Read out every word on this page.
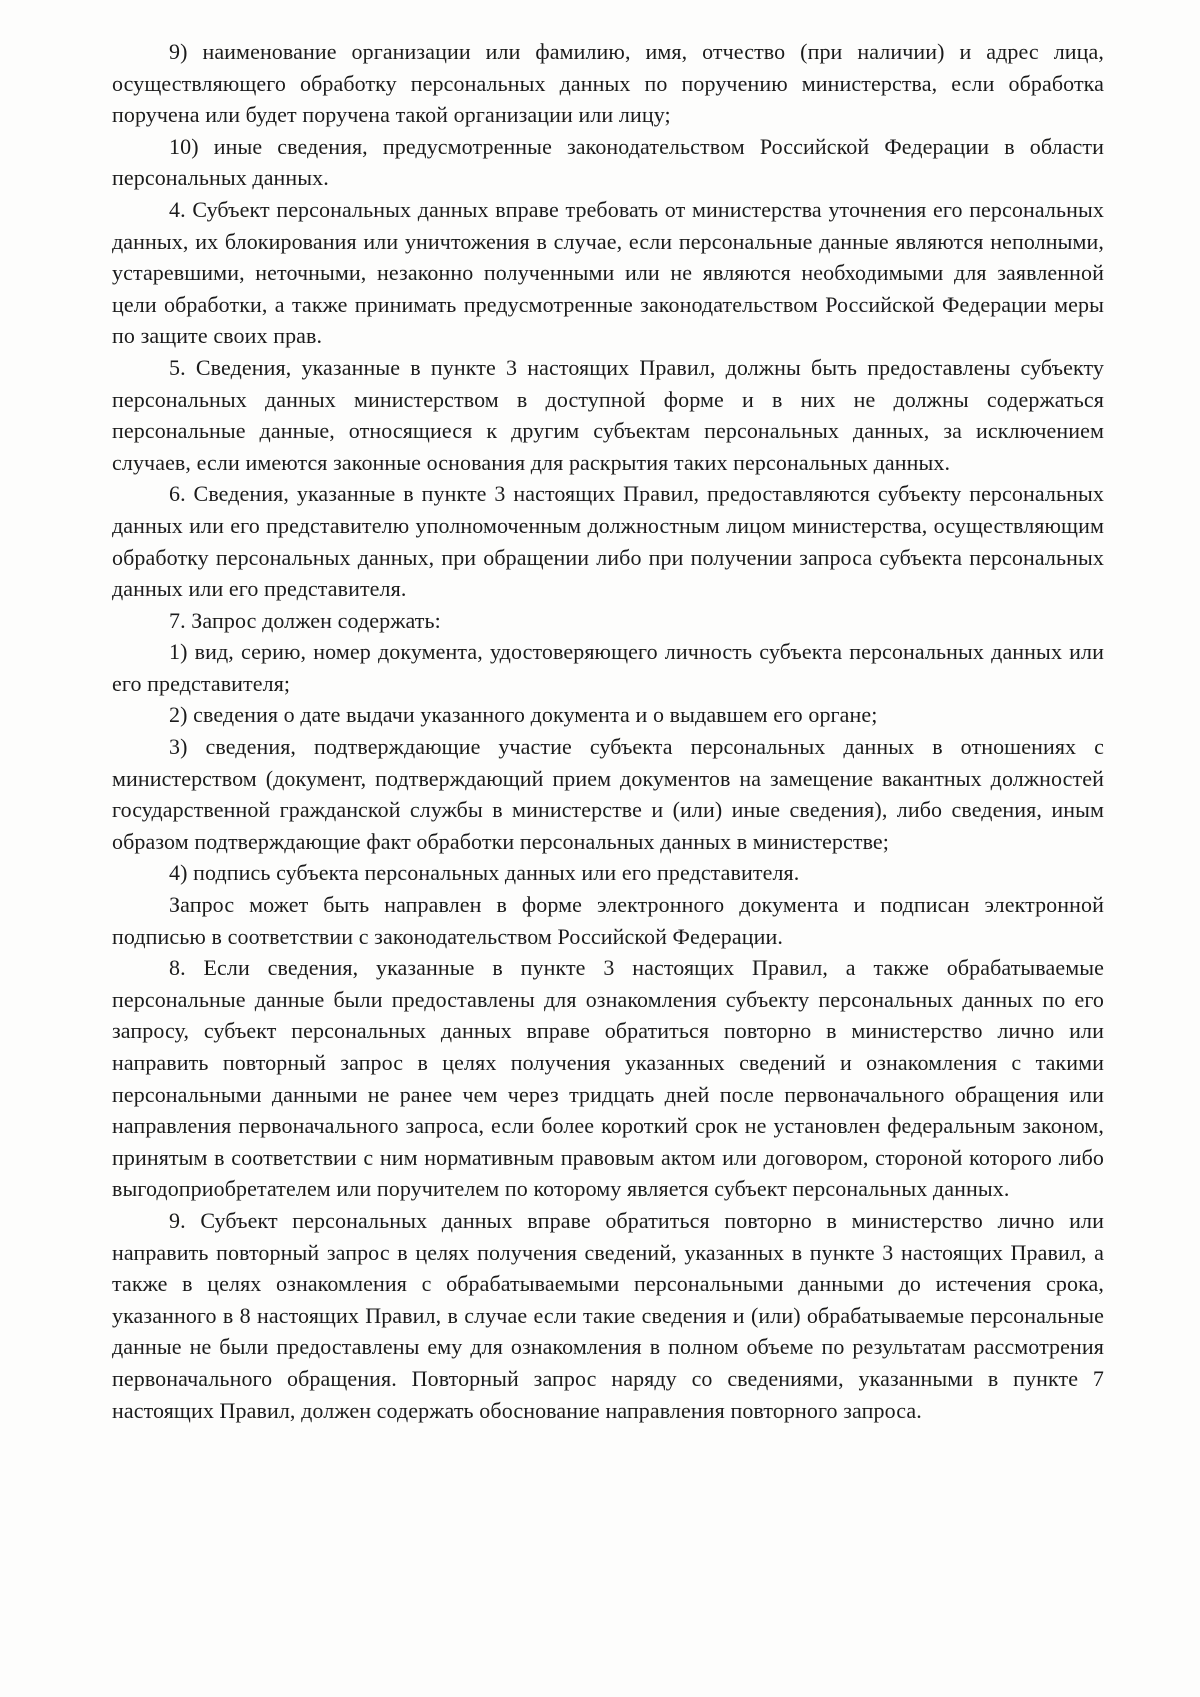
9) наименование организации или фамилию, имя, отчество (при наличии) и адрес лица, осуществляющего обработку персональных данных по поручению министерства, если обработка поручена или будет поручена такой организации или лицу;

10) иные сведения, предусмотренные законодательством Российской Федерации в области персональных данных.

4. Субъект персональных данных вправе требовать от министерства уточнения его персональных данных, их блокирования или уничтожения в случае, если персональные данные являются неполными, устаревшими, неточными, незаконно полученными или не являются необходимыми для заявленной цели обработки, а также принимать предусмотренные законодательством Российской Федерации меры по защите своих прав.

5. Сведения, указанные в пункте 3 настоящих Правил, должны быть предоставлены субъекту персональных данных министерством в доступной форме и в них не должны содержаться персональные данные, относящиеся к другим субъектам персональных данных, за исключением случаев, если имеются законные основания для раскрытия таких персональных данных.

6. Сведения, указанные в пункте 3 настоящих Правил, предоставляются субъекту персональных данных или его представителю уполномоченным должностным лицом министерства, осуществляющим обработку персональных данных, при обращении либо при получении запроса субъекта персональных данных или его представителя.

7. Запрос должен содержать:

1) вид, серию, номер документа, удостоверяющего личность субъекта персональных данных или его представителя;

2) сведения о дате выдачи указанного документа и о выдавшем его органе;

3) сведения, подтверждающие участие субъекта персональных данных в отношениях с министерством (документ, подтверждающий прием документов на замещение вакантных должностей государственной гражданской службы в министерстве и (или) иные сведения), либо сведения, иным образом подтверждающие факт обработки персональных данных в министерстве;

4) подпись субъекта персональных данных или его представителя.

Запрос может быть направлен в форме электронного документа и подписан электронной подписью в соответствии с законодательством Российской Федерации.

8. Если сведения, указанные в пункте 3 настоящих Правил, а также обрабатываемые персональные данные были предоставлены для ознакомления субъекту персональных данных по его запросу, субъект персональных данных вправе обратиться повторно в министерство лично или направить повторный запрос в целях получения указанных сведений и ознакомления с такими персональными данными не ранее чем через тридцать дней после первоначального обращения или направления первоначального запроса, если более короткий срок не установлен федеральным законом, принятым в соответствии с ним нормативным правовым актом или договором, стороной которого либо выгодоприобретателем или поручителем по которому является субъект персональных данных.

9. Субъект персональных данных вправе обратиться повторно в министерство лично или направить повторный запрос в целях получения сведений, указанных в пункте 3 настоящих Правил, а также в целях ознакомления с обрабатываемыми персональными данными до истечения срока, указанного в 8 настоящих Правил, в случае если такие сведения и (или) обрабатываемые персональные данные не были предоставлены ему для ознакомления в полном объеме по результатам рассмотрения первоначального обращения. Повторный запрос наряду со сведениями, указанными в пункте 7 настоящих Правил, должен содержать обоснование направления повторного запроса.
